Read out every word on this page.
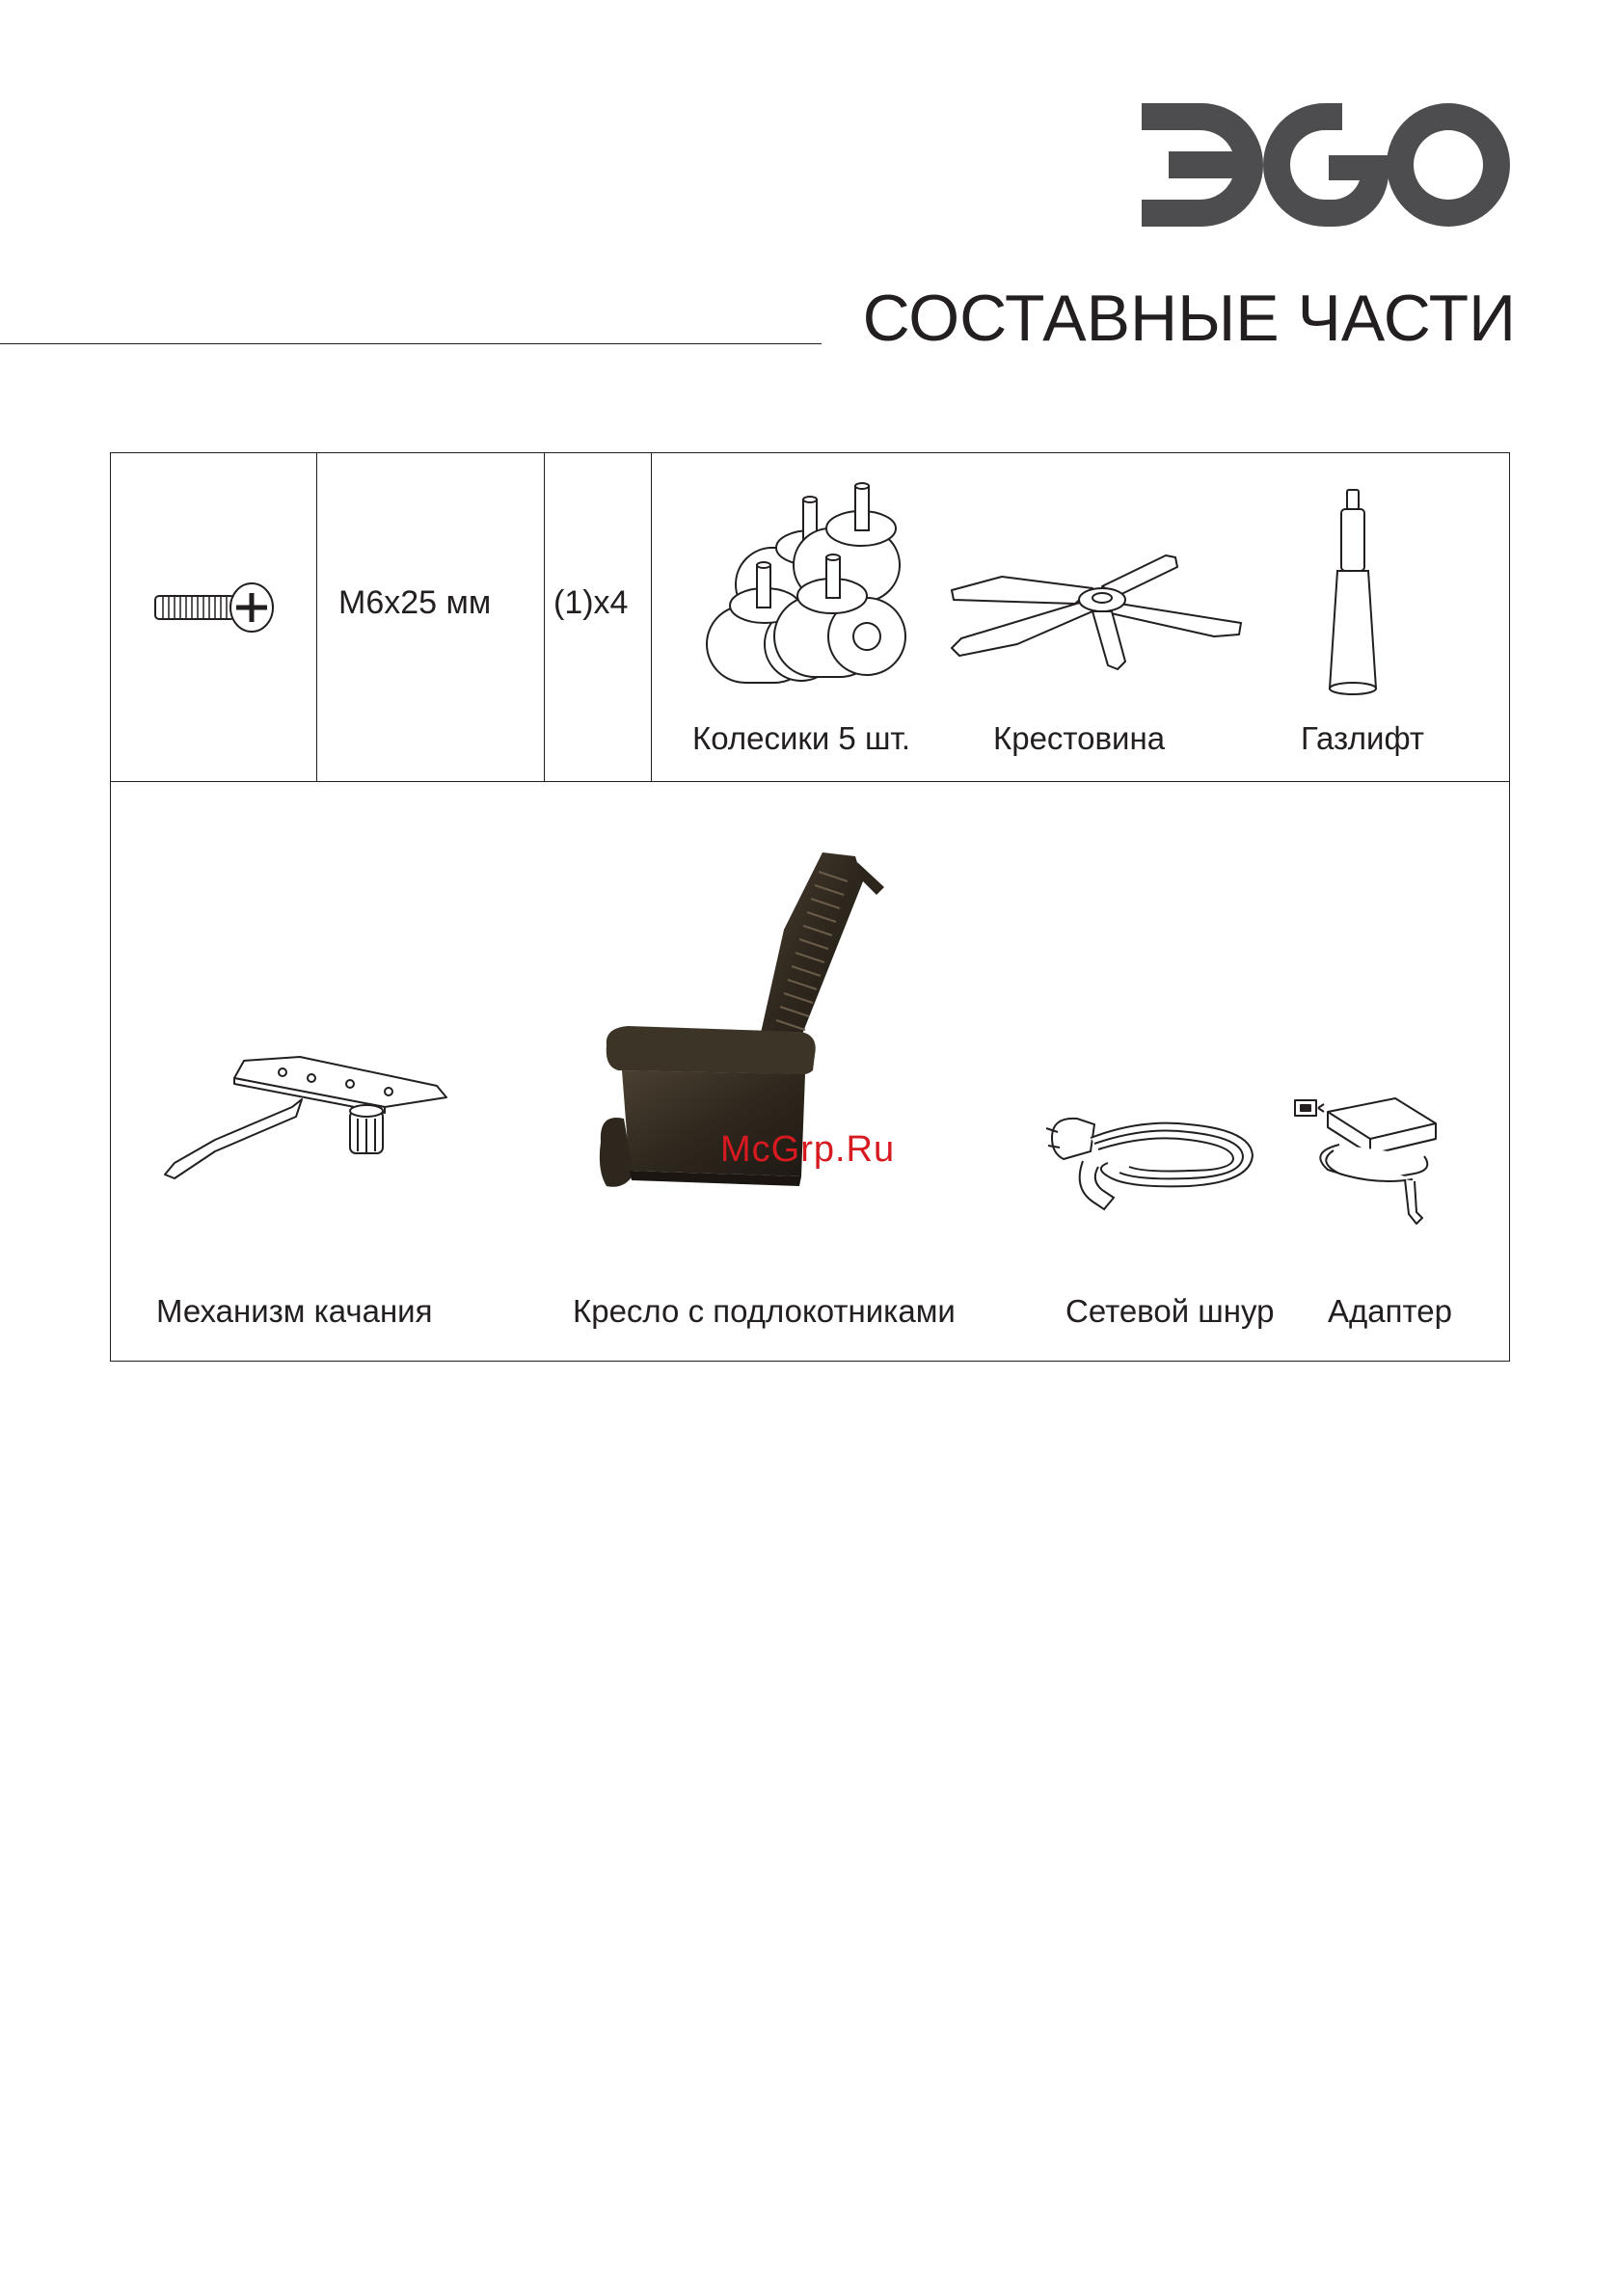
СОСТАВНЫЕ ЧАСТИ
M6x25 мм (1)x4
Колесики 5 шт.	Крестовина	Газлифт
Механизм качания	Кресло с подлокотниками	Сетевой шнур Адаптер
McGrp.Ru
